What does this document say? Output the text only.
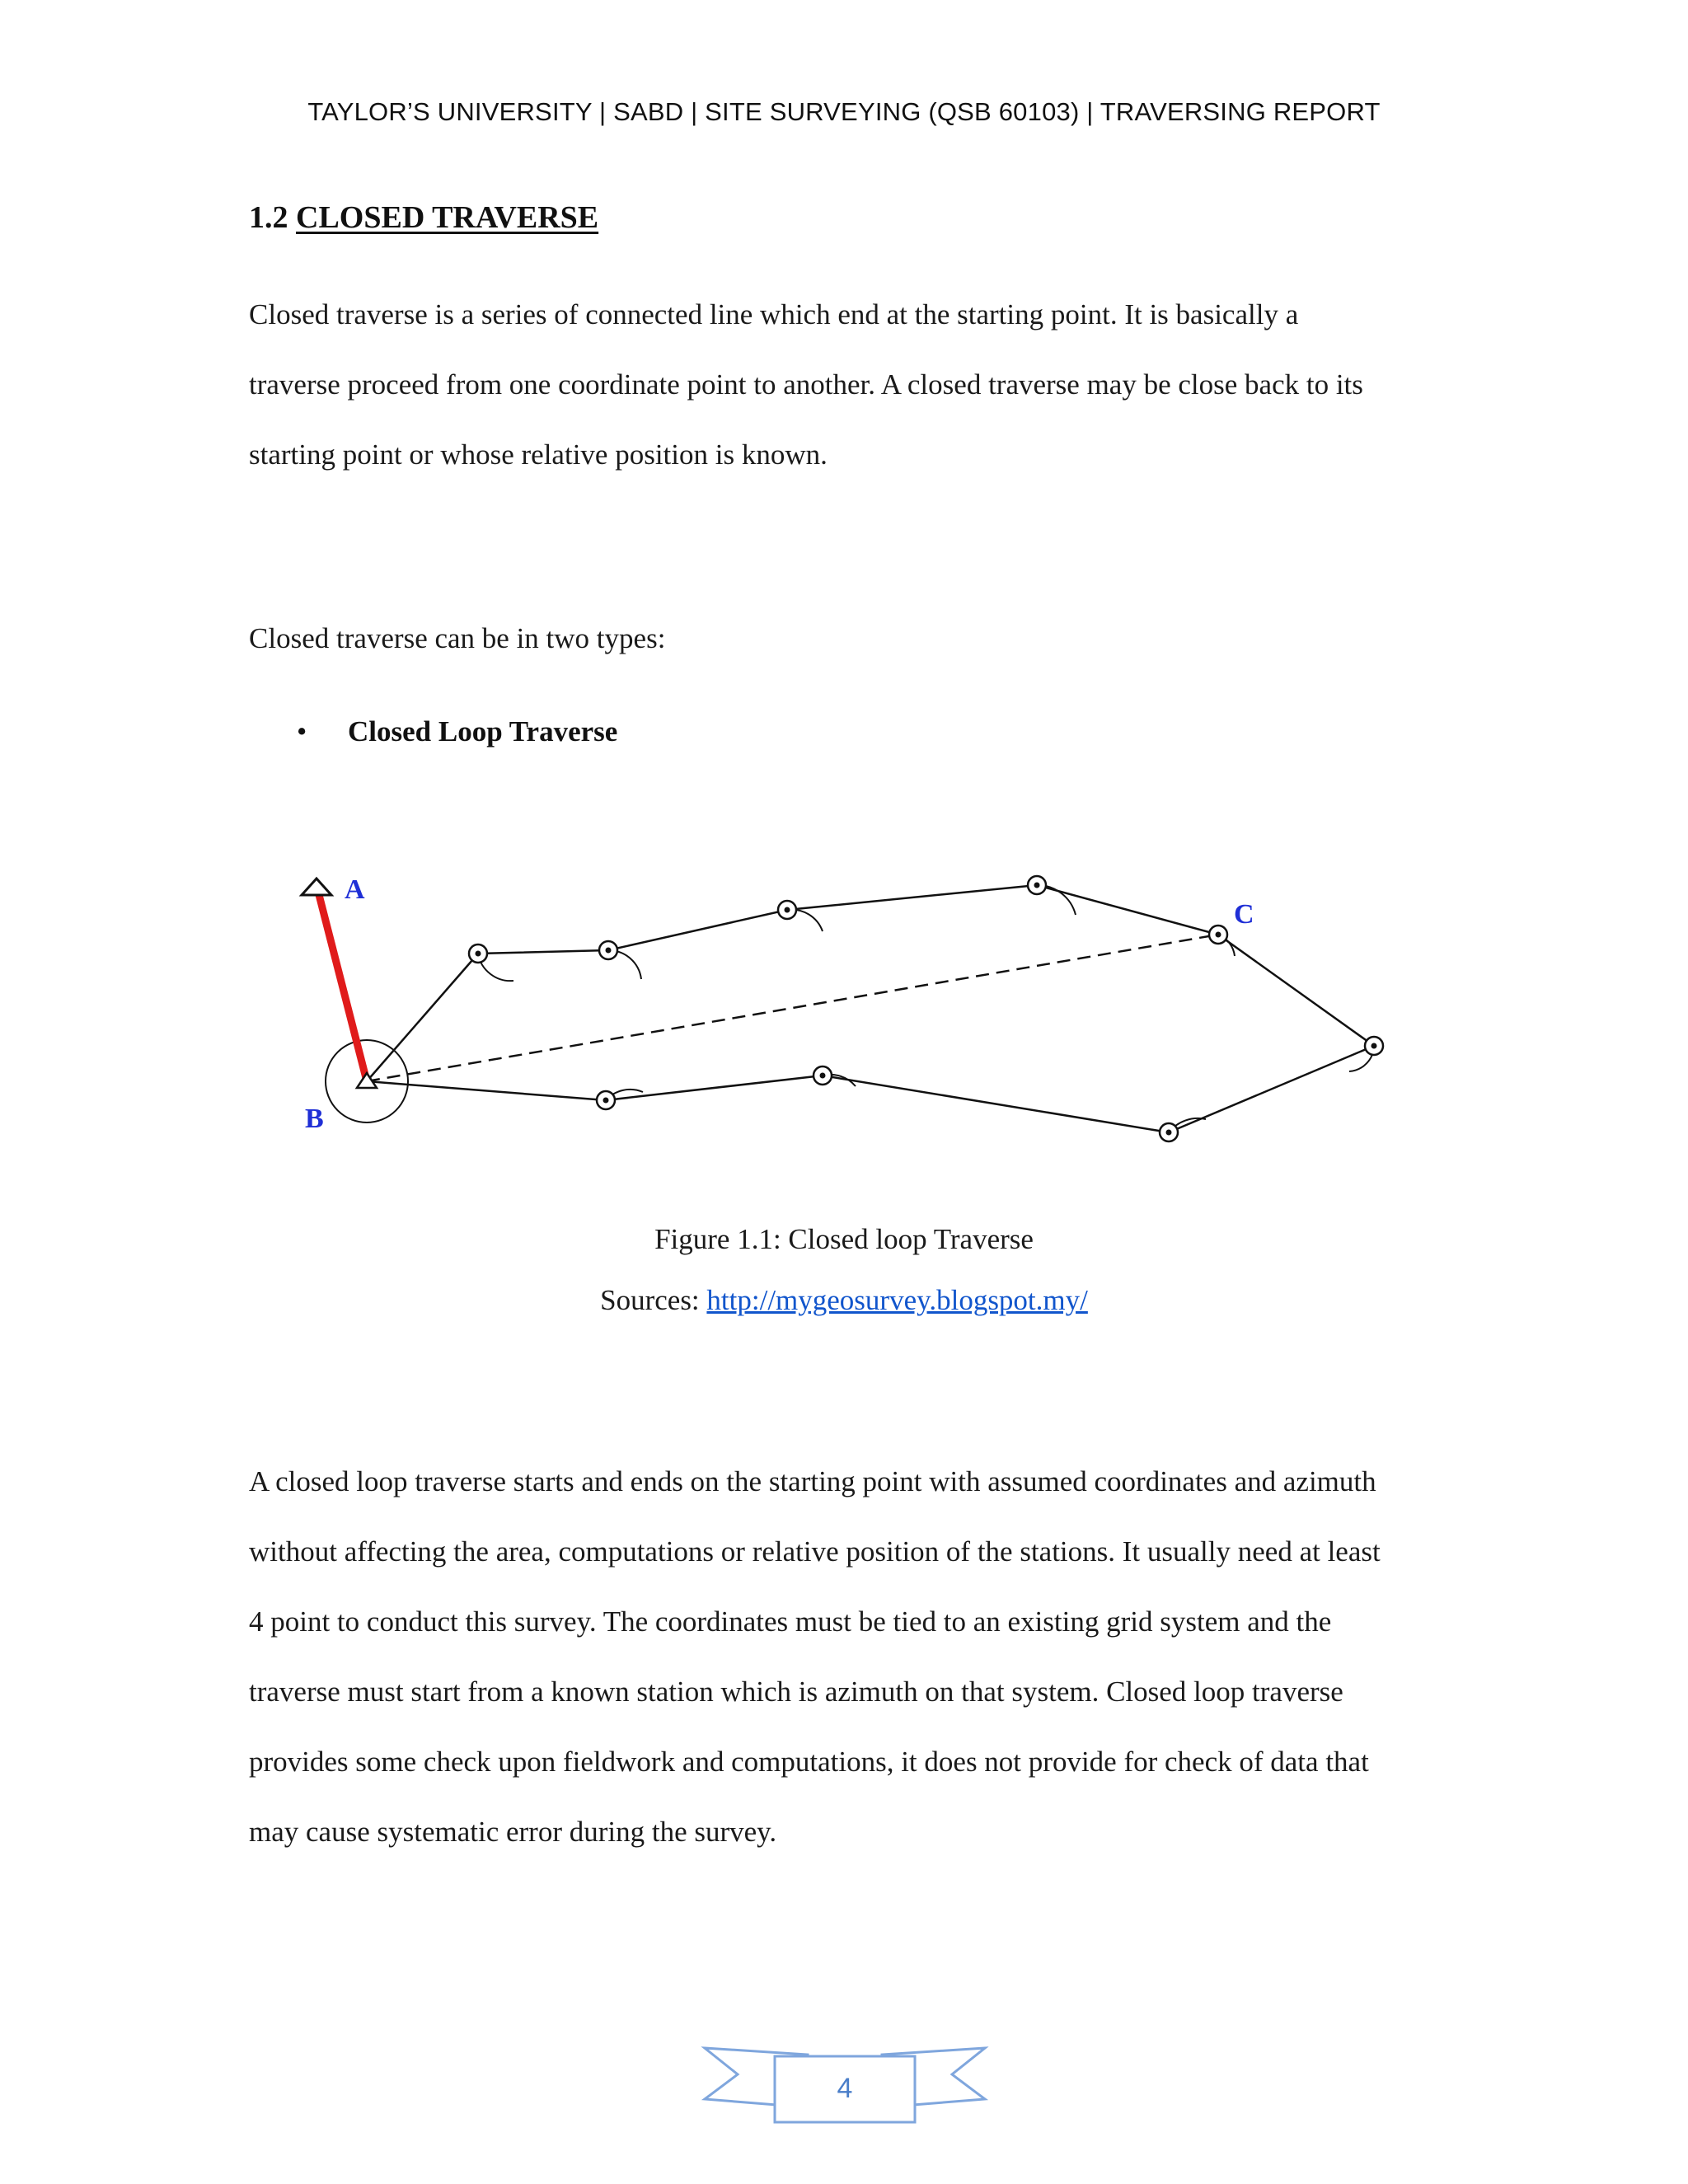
TAYLOR’S UNIVERSITY | SABD | SITE SURVEYING (QSB 60103) | TRAVERSING REPORT
1.2 CLOSED TRAVERSE
Closed traverse is a series of connected line which end at the starting point. It is basically a
traverse proceed from one coordinate point to another. A closed traverse may be close back to its
starting point or whose relative position is known.
Closed traverse can be in two types:
• Closed Loop Traverse
A
B
C
Figure 1.1: Closed loop Traverse
Sources: http://mygeosurvey.blogspot.my/
A closed loop traverse starts and ends on the starting point with assumed coordinates and azimuth
without affecting the area, computations or relative position of the stations. It usually need at least
4 point to conduct this survey. The coordinates must be tied to an existing grid system and the
traverse must start from a known station which is azimuth on that system. Closed loop traverse
provides some check upon fieldwork and computations, it does not provide for check of data that
may cause systematic error during the survey.
4
